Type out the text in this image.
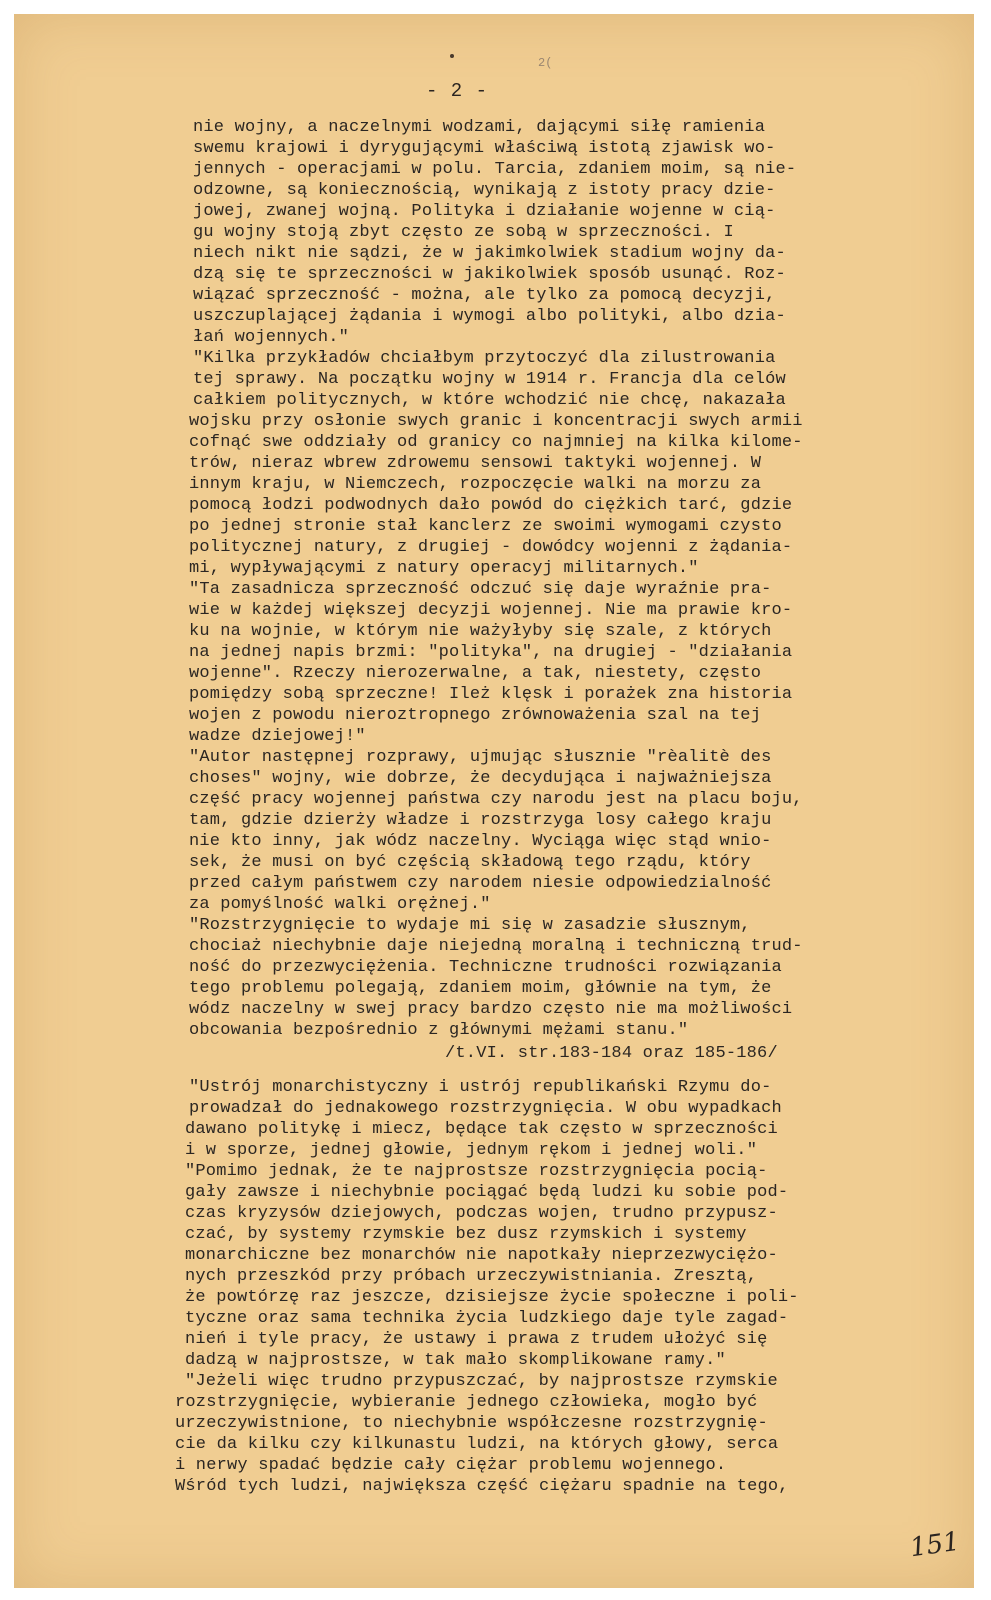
2(
- 2 -
nie wojny, a naczelnymi wodzami, dającymi siłę ramienia
swemu krajowi i dyrygującymi właściwą istotą zjawisk wo-
jennych - operacjami w polu. Tarcia, zdaniem moim, są nie-
odzowne, są koniecznością, wynikają z istoty pracy dzie-
jowej, zwanej wojną. Polityka i działanie wojenne w cią-
gu wojny stoją zbyt często ze sobą w sprzeczności. I
niech nikt nie sądzi, że w jakimkolwiek stadium wojny da-
dzą się te sprzeczności w jakikolwiek sposób usunąć. Roz-
wiązać sprzeczność - można, ale tylko za pomocą decyzji,
uszczuplającej żądania i wymogi albo polityki, albo dzia-
łań wojennych."
"Kilka przykładów chciałbym przytoczyć dla zilustrowania
tej sprawy. Na początku wojny w 1914 r. Francja dla celów
całkiem politycznych, w które wchodzić nie chcę, nakazała
wojsku przy osłonie swych granic i koncentracji swych armii
cofnąć swe oddziały od granicy co najmniej na kilka kilome-
trów, nieraz wbrew zdrowemu sensowi taktyki wojennej. W
innym kraju, w Niemczech, rozpoczęcie walki na morzu za
pomocą łodzi podwodnych dało powód do ciężkich tarć, gdzie
po jednej stronie stał kanclerz ze swoimi wymogami czysto
politycznej natury, z drugiej - dowódcy wojenni z żądania-
mi, wypływającymi z natury operacyj militarnych."
"Ta zasadnicza sprzeczność odczuć się daje wyraźnie pra-
wie w każdej większej decyzji wojennej. Nie ma prawie kro-
ku na wojnie, w którym nie ważyłyby się szale, z których
na jednej napis brzmi: "polityka", na drugiej - "działania
wojenne". Rzeczy nierozerwalne, a tak, niestety, często
pomiędzy sobą sprzeczne! Ileż klęsk i porażek zna historia
wojen z powodu nieroztropnego zrównoważenia szal na tej
wadze dziejowej!"
"Autor następnej rozprawy, ujmując słusznie "rèalitè des
choses" wojny, wie dobrze, że decydująca i najważniejsza
część pracy wojennej państwa czy narodu jest na placu boju,
tam, gdzie dzierży władze i rozstrzyga losy całego kraju
nie kto inny, jak wódz naczelny. Wyciąga więc stąd wnio-
sek, że musi on być częścią składową tego rządu, który
przed całym państwem czy narodem niesie odpowiedzialność
za pomyślność walki orężnej."
"Rozstrzygnięcie to wydaje mi się w zasadzie słusznym,
chociaż niechybnie daje niejedną moralną i techniczną trud-
ność do przezwyciężenia. Techniczne trudności rozwiązania
tego problemu polegają, zdaniem moim, głównie na tym, że
wódz naczelny w swej pracy bardzo często nie ma możliwości
obcowania bezpośrednio z głównymi mężami stanu."
/t.VI. str.183-184 oraz 185-186/
"Ustrój monarchistyczny i ustrój republikański Rzymu do-
prowadzał do jednakowego rozstrzygnięcia. W obu wypadkach
dawano politykę i miecz, będące tak często w sprzeczności
i w sporze, jednej głowie, jednym rękom i jednej woli."
"Pomimo jednak, że te najprostsze rozstrzygnięcia pocią-
gały zawsze i niechybnie pociągać będą ludzi ku sobie pod-
czas kryzysów dziejowych, podczas wojen, trudno przypusz-
czać, by systemy rzymskie bez dusz rzymskich i systemy
monarchiczne bez monarchów nie napotkały nieprzezwyciężo-
nych przeszkód przy próbach urzeczywistniania. Zresztą,
że powtórzę raz jeszcze, dzisiejsze życie społeczne i poli-
tyczne oraz sama technika życia ludzkiego daje tyle zagad-
nień i tyle pracy, że ustawy i prawa z trudem ułożyć się
dadzą w najprostsze, w tak mało skomplikowane ramy."
"Jeżeli więc trudno przypuszczać, by najprostsze rzymskie
rozstrzygnięcie, wybieranie jednego człowieka, mogło być
urzeczywistnione, to niechybnie współczesne rozstrzygnię-
cie da kilku czy kilkunastu ludzi, na których głowy, serca
i nerwy spadać będzie cały ciężar problemu wojennego.
Wśród tych ludzi, największa część ciężaru spadnie na tego,
151
